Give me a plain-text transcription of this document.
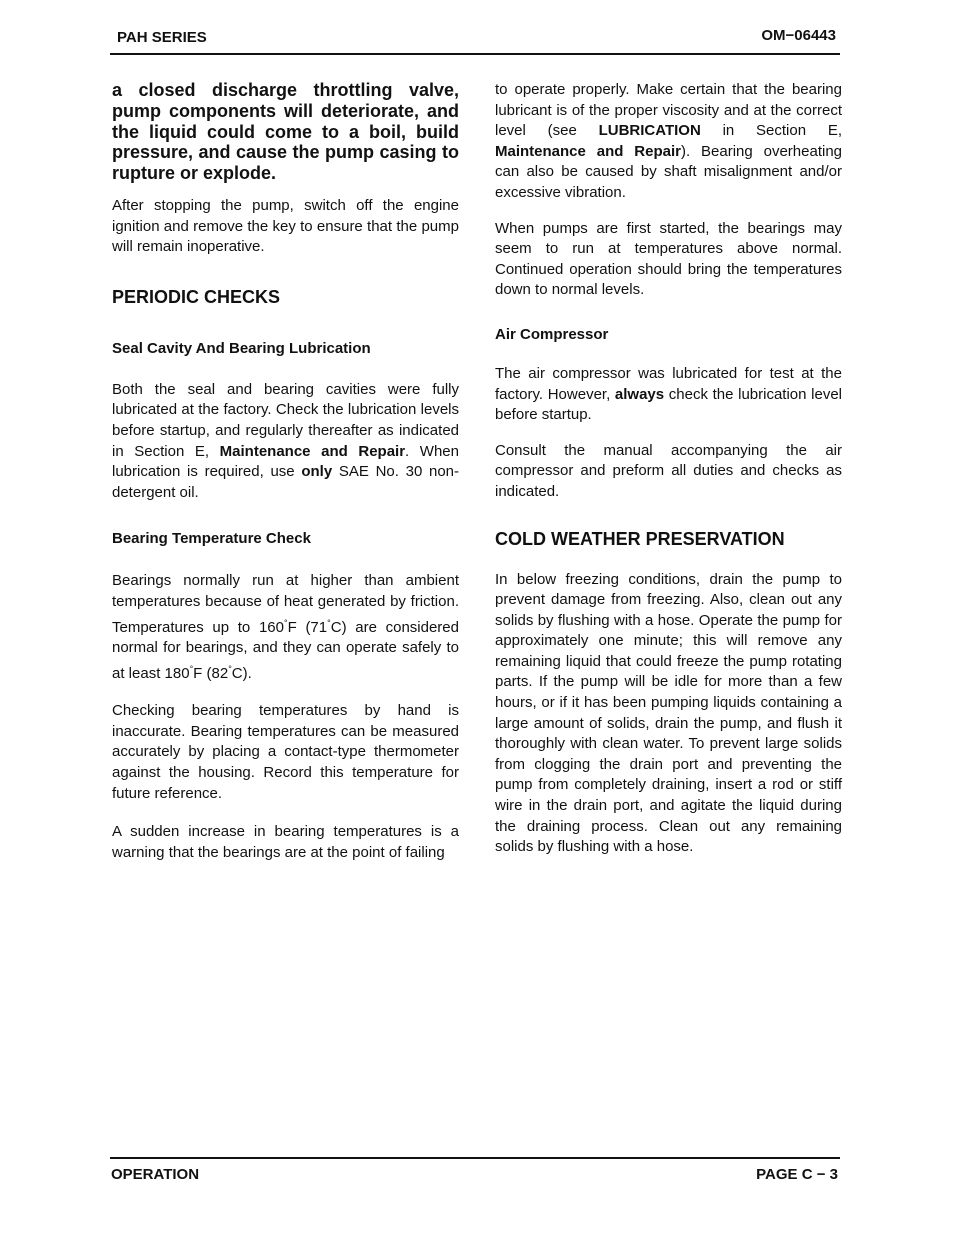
PAH SERIES	OM−06443

a closed discharge throttling valve, pump components will deteriorate, and the liquid could come to a boil, build pressure, and cause the pump casing to rupture or explode.

After stopping the pump, switch off the engine ignition and remove the key to ensure that the pump will remain inoperative.

PERIODIC CHECKS
Seal Cavity And Bearing Lubrication

Both the seal and bearing cavities were fully lubricated at the factory. Check the lubrication levels before startup, and regularly thereafter as indicated in Section E, Maintenance and Repair. When lubrication is required, use only SAE No. 30 non-detergent oil.

Bearing Temperature Check

Bearings normally run at higher than ambient temperatures because of heat generated by friction. Temperatures up to 160°F (71°C) are considered normal for bearings, and they can operate safely to at least 180°F (82°C).

Checking bearing temperatures by hand is inaccurate. Bearing temperatures can be measured accurately by placing a contact-type thermometer against the housing. Record this temperature for future reference.

A sudden increase in bearing temperatures is a warning that the bearings are at the point of failing

to operate properly. Make certain that the bearing lubricant is of the proper viscosity and at the correct level (see LUBRICATION in Section E, Maintenance and Repair). Bearing overheating can also be caused by shaft misalignment and/or excessive vibration.

When pumps are first started, the bearings may seem to run at temperatures above normal. Continued operation should bring the temperatures down to normal levels.

Air Compressor

The air compressor was lubricated for test at the factory. However, always check the lubrication level before startup.

Consult the manual accompanying the air compressor and preform all duties and checks as indicated.

COLD WEATHER PRESERVATION

In below freezing conditions, drain the pump to prevent damage from freezing. Also, clean out any solids by flushing with a hose. Operate the pump for approximately one minute; this will remove any remaining liquid that could freeze the pump rotating parts. If the pump will be idle for more than a few hours, or if it has been pumping liquids containing a large amount of solids, drain the pump, and flush it thoroughly with clean water. To prevent large solids from clogging the drain port and preventing the pump from completely draining, insert a rod or stiff wire in the drain port, and agitate the liquid during the draining process. Clean out any remaining solids by flushing with a hose.

OPERATION	PAGE C − 3
